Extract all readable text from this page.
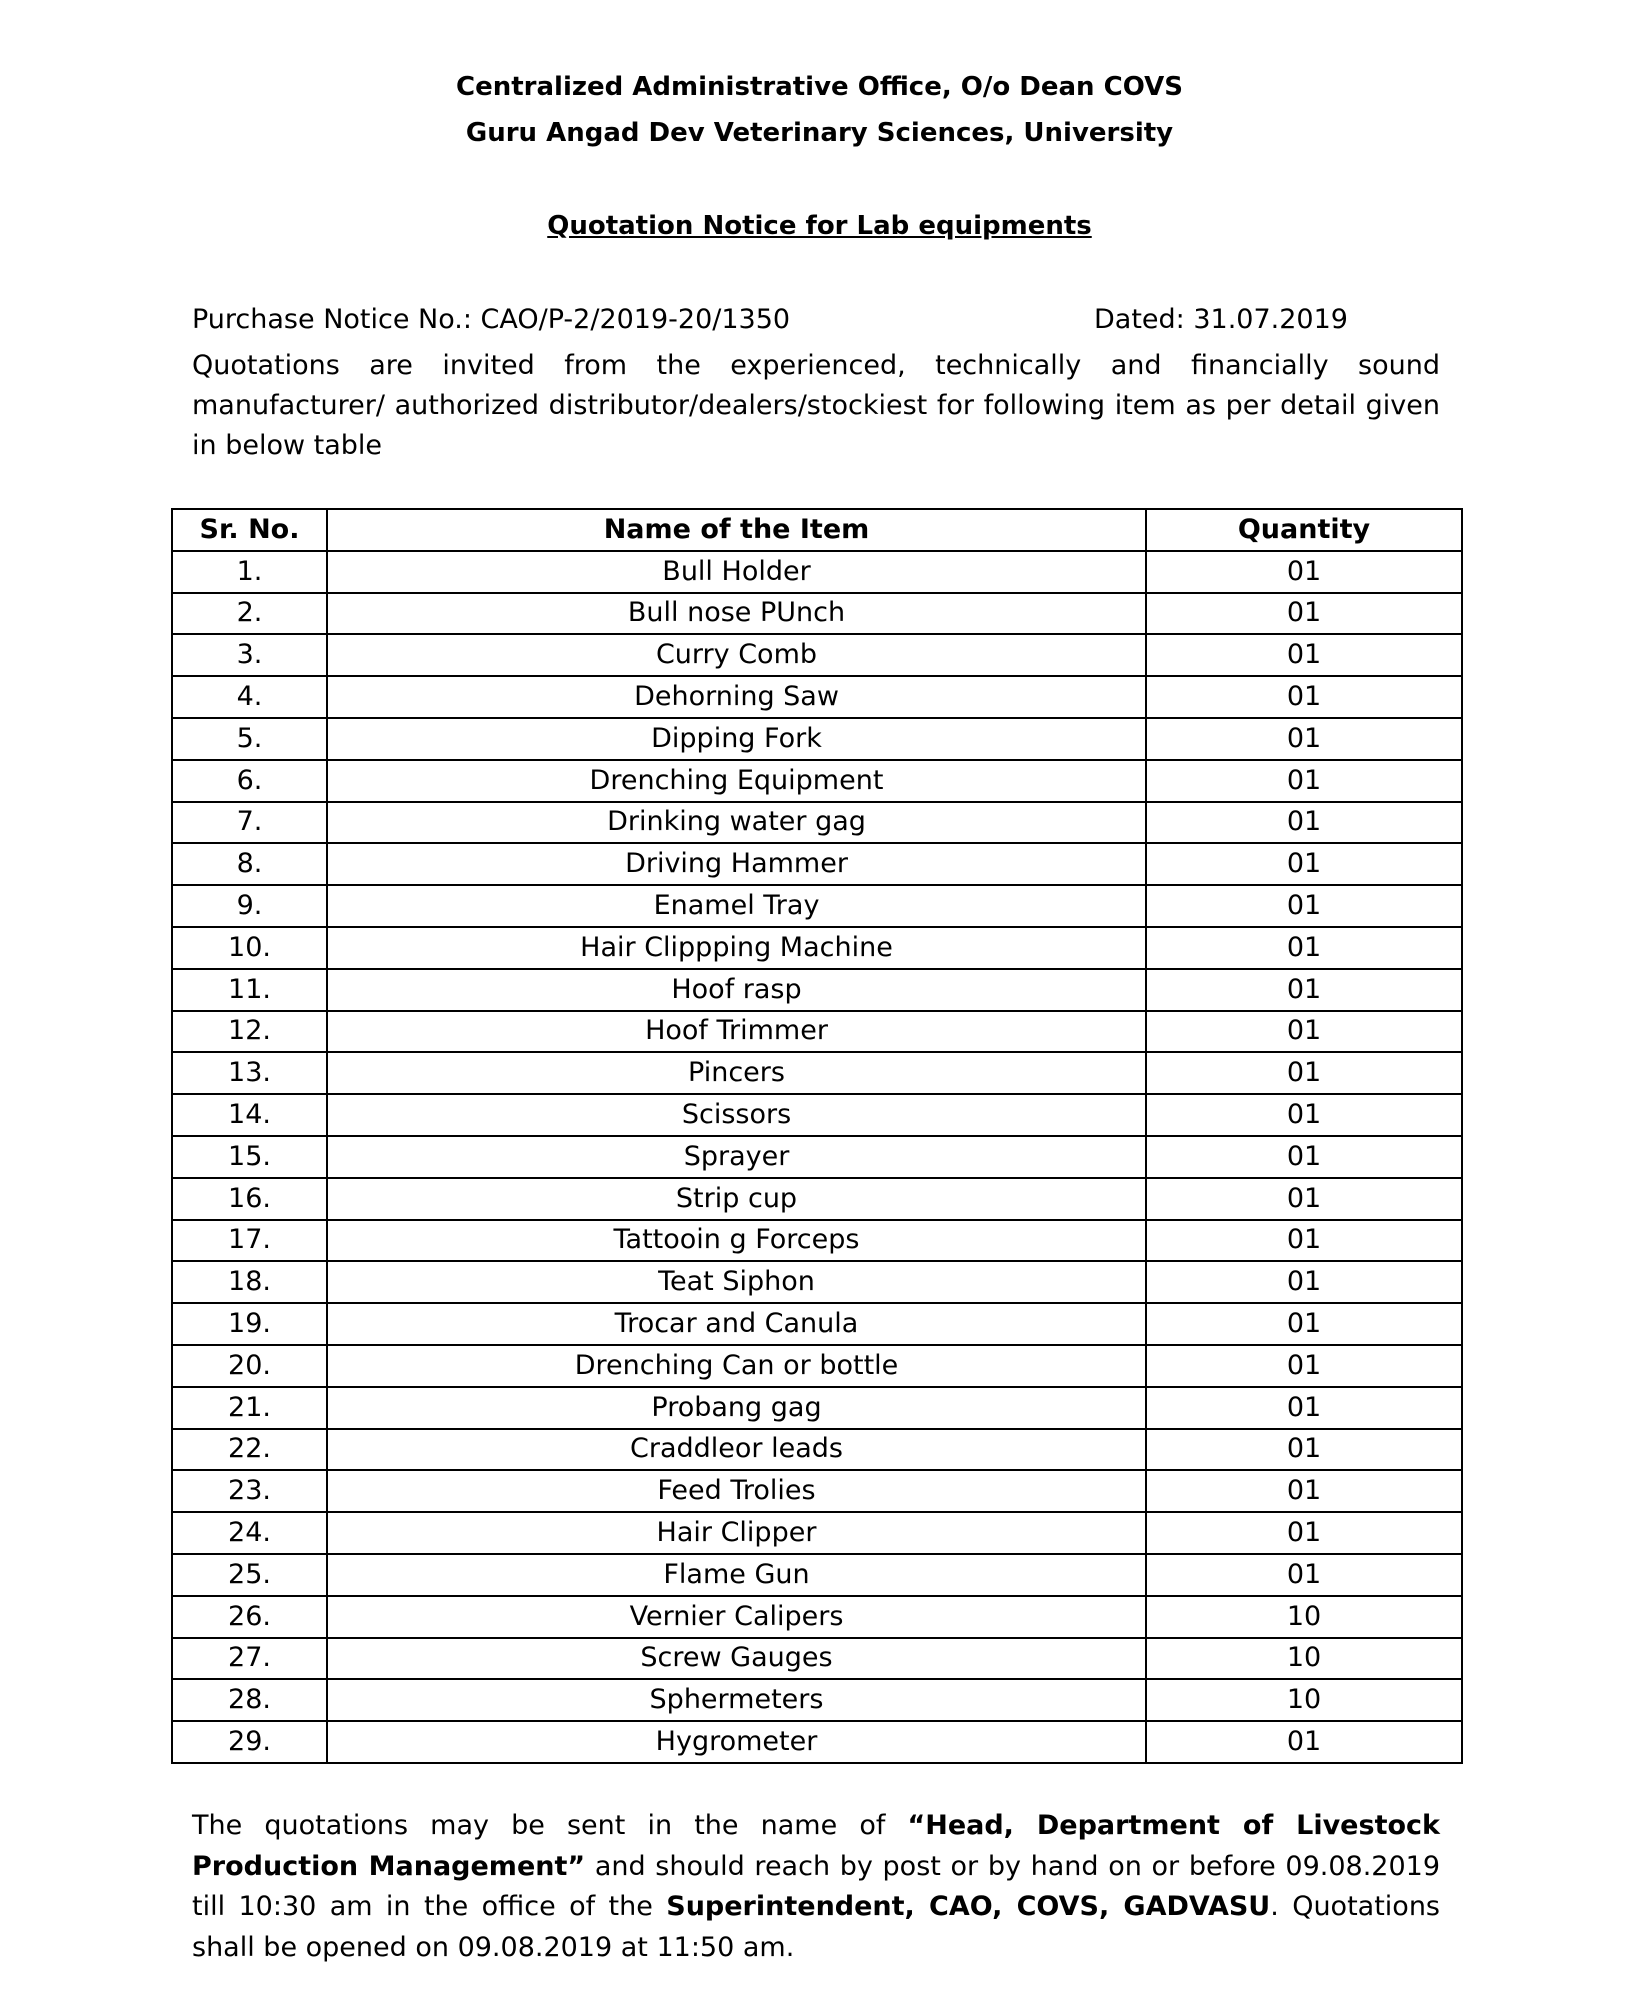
Centralized Administrative Office, O/o Dean COVS
Guru Angad Dev Veterinary Sciences, University
Quotation Notice for Lab equipments
Purchase Notice No.: CAO/P-2/2019-20/1350	Dated: 31.07.2019
Quotations are invited from the experienced, technically and financially sound manufacturer/ authorized distributor/dealers/stockiest for following item as per detail given in below table
Sr. No.	Name of the Item	Quantity
1.	Bull Holder	01
2.	Bull nose PUnch	01
3.	Curry Comb	01
4.	Dehorning Saw	01
5.	Dipping Fork	01
6.	Drenching Equipment	01
7.	Drinking water gag	01
8.	Driving Hammer	01
9.	Enamel Tray	01
10.	Hair Clippping Machine	01
11.	Hoof rasp	01
12.	Hoof Trimmer	01
13.	Pincers	01
14.	Scissors	01
15.	Sprayer	01
16.	Strip cup	01
17.	Tattooin g Forceps	01
18.	Teat Siphon	01
19.	Trocar and Canula	01
20.	Drenching Can or bottle	01
21.	Probang gag	01
22.	Craddleor leads	01
23.	Feed Trolies	01
24.	Hair Clipper	01
25.	Flame Gun	01
26.	Vernier Calipers	10
27.	Screw Gauges	10
28.	Sphermeters	10
29.	Hygrometer	01
The quotations may be sent in the name of “Head, Department of Livestock Production Management” and should reach by post or by hand on or before 09.08.2019 till 10:30 am in the office of the Superintendent, CAO, COVS, GADVASU. Quotations shall be opened on 09.08.2019 at 11:50 am.
